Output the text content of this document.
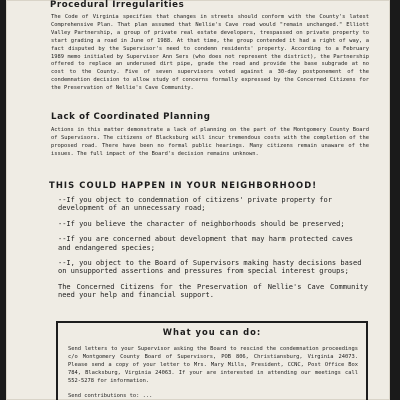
Procedural Irregularities

The Code of Virginia specifies that changes in streets should conform with the County's latest Comprehensive Plan. That plan assumed that Nellie's Cave road would "remain unchanged." Elliott Valley Partnership, a group of private real estate developers, trespassed on private property to start grading a road in June of 1988. At that time, the group contended it had a right of way, a fact disputed by the Supervisor's need to condemn residents' property. According to a February 1989 memo initialed by Supervisor Ann Sers (who does not represent the district), the Partnership offered to replace an underused dirt pipe, grade the road and provide the base subgrade at no cost to the County. Five of seven supervisors voted against a 30-day postponement of the condemnation decision to allow study of concerns formally expressed by the Concerned Citizens for the Preservation of Nellie's Cave Community.

Lack of Coordinated Planning

Actions in this matter demonstrate a lack of planning on the part of the Montgomery County Board of Supervisors. The citizens of Blacksburg will incur tremendous costs with the completion of the proposed road. There have been no formal public hearings. Many citizens remain unaware of the issues. The full impact of the Board's decision remains unknown.

THIS COULD HAPPEN IN YOUR NEIGHBORHOOD!

--If you object to condemnation of citizens' private property for development of an unnecessary road;

--If you believe the character of neighborhoods should be preserved;

--If you are concerned about development that may harm protected caves and endangered species;

--I, you object to the Board of Supervisors making hasty decisions based on unsupported assertions and pressures from special interest groups;

The Concerned Citizens for the Preservation of Nellie's Cave Community need your help and financial support.

What you can do:

Send letters to your Supervisor asking the Board to rescind the condemnation proceedings c/o Montgomery County Board of Supervisors, POB 806, Christiansburg, Virginia 24073. Please send a copy of your letter to Mrs. Mary Mills, President, CCNC, Post Office Box 784, Blacksburg, Virginia 24063. If your are interested in attending our meetings call 552-5278 for information.

Send contributions to: ...
